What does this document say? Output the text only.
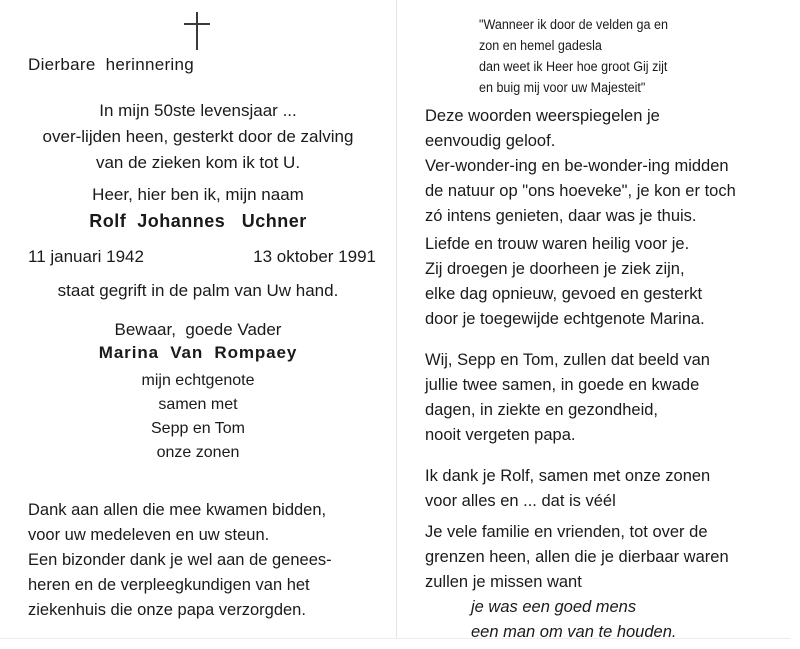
Dierbare  herinnering
In mijn 50ste levensjaar ...
over-lijden heen, gesterkt door de zalving
van de zieken kom ik tot U.
Heer, hier ben ik, mijn naam
Rolf  Johannes   Uchner
11 januari 1942	13 oktober 1991
staat gegrift in de palm van Uw hand.
Bewaar,  goede Vader
Marina  Van  Rompaey
mijn echtgenote
samen met
Sepp en Tom
onze zonen
Dank aan allen die mee kwamen bidden,
voor uw medeleven en uw steun.
Een bizonder dank je wel aan de genees-
heren en de verpleegkundigen van het
ziekenhuis die onze papa verzorgden.
"Wanneer ik door de velden ga en
zon en hemel gadesla
dan weet ik Heer hoe groot Gij zijt
en buig mij voor uw Majesteit"
Deze woorden weerspiegelen je
eenvoudig geloof.
Ver-wonder-ing en be-wonder-ing midden
de natuur op "ons hoeveke", je kon er toch
zó intens genieten, daar was je thuis.
Liefde en trouw waren heilig voor je.
Zij droegen je doorheen je ziek zijn,
elke dag opnieuw, gevoed en gesterkt
door je toegewijde echtgenote Marina.
Wij, Sepp en Tom, zullen dat beeld van
jullie twee samen, in goede en kwade
dagen, in ziekte en gezondheid,
nooit vergeten papa.
Ik dank je Rolf, samen met onze zonen
voor alles en ... dat is véél
Je vele familie en vrienden, tot over de
grenzen heen, allen die je dierbaar waren
zullen je missen want
je was een goed mens
een man om van te houden.
